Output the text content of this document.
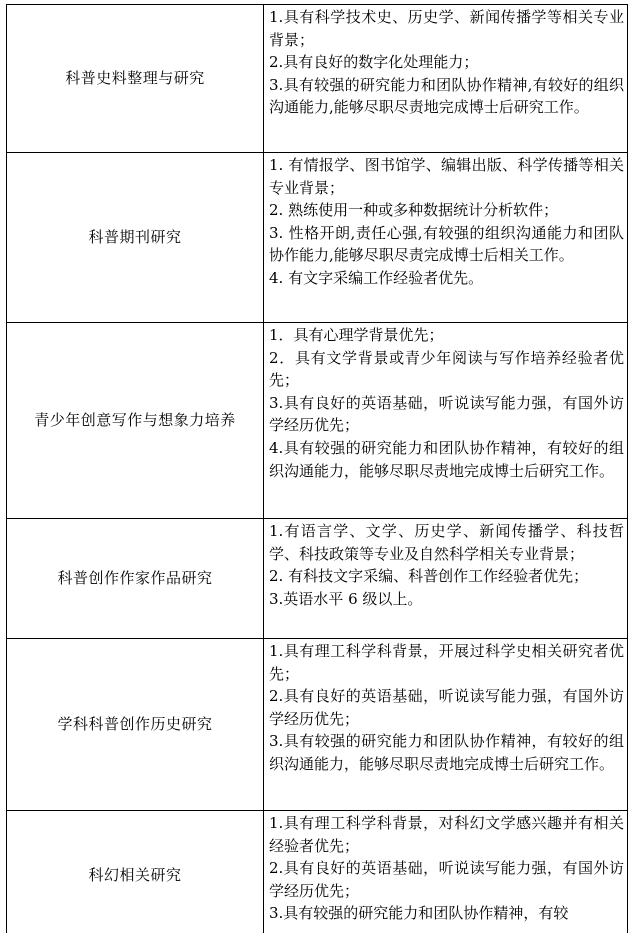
科普史料整理与研究	1.具有科学技术史、历史学、新闻传播学等相关专业背景；
2.具有良好的数字化处理能力；
3.具有较强的研究能力和团队协作精神,有较好的组织沟通能力,能够尽职尽责地完成博士后研究工作。

科普期刊研究	1. 有情报学、图书馆学、编辑出版、科学传播等相关专业背景；
2. 熟练使用一种或多种数据统计分析软件；
3. 性格开朗,责任心强,有较强的组织沟通能力和团队协作能力,能够尽职尽责完成博士后相关工作。
4. 有文字采编工作经验者优先。

青少年创意写作与想象力培养	1．具有心理学背景优先；
2．具有文学背景或青少年阅读与写作培养经验者优先；
3.具有良好的英语基础，听说读写能力强，有国外访学经历优先；
4.具有较强的研究能力和团队协作精神，有较好的组织沟通能力，能够尽职尽责地完成博士后研究工作。

科普创作作家作品研究	1.有语言学、文学、历史学、新闻传播学、科技哲学、科技政策等专业及自然科学相关专业背景；
2. 有科技文字采编、科普创作工作经验者优先；
3.英语水平 6 级以上。

学科科普创作历史研究	1.具有理工科学科背景，开展过科学史相关研究者优先；
2.具有良好的英语基础，听说读写能力强，有国外访学经历优先；
3.具有较强的研究能力和团队协作精神，有较好的组织沟通能力，能够尽职尽责地完成博士后研究工作。

科幻相关研究	1.具有理工科学科背景，对科幻文学感兴趣并有相关经验者优先；
2.具有良好的英语基础，听说读写能力强，有国外访学经历优先；
3.具有较强的研究能力和团队协作精神，有较
